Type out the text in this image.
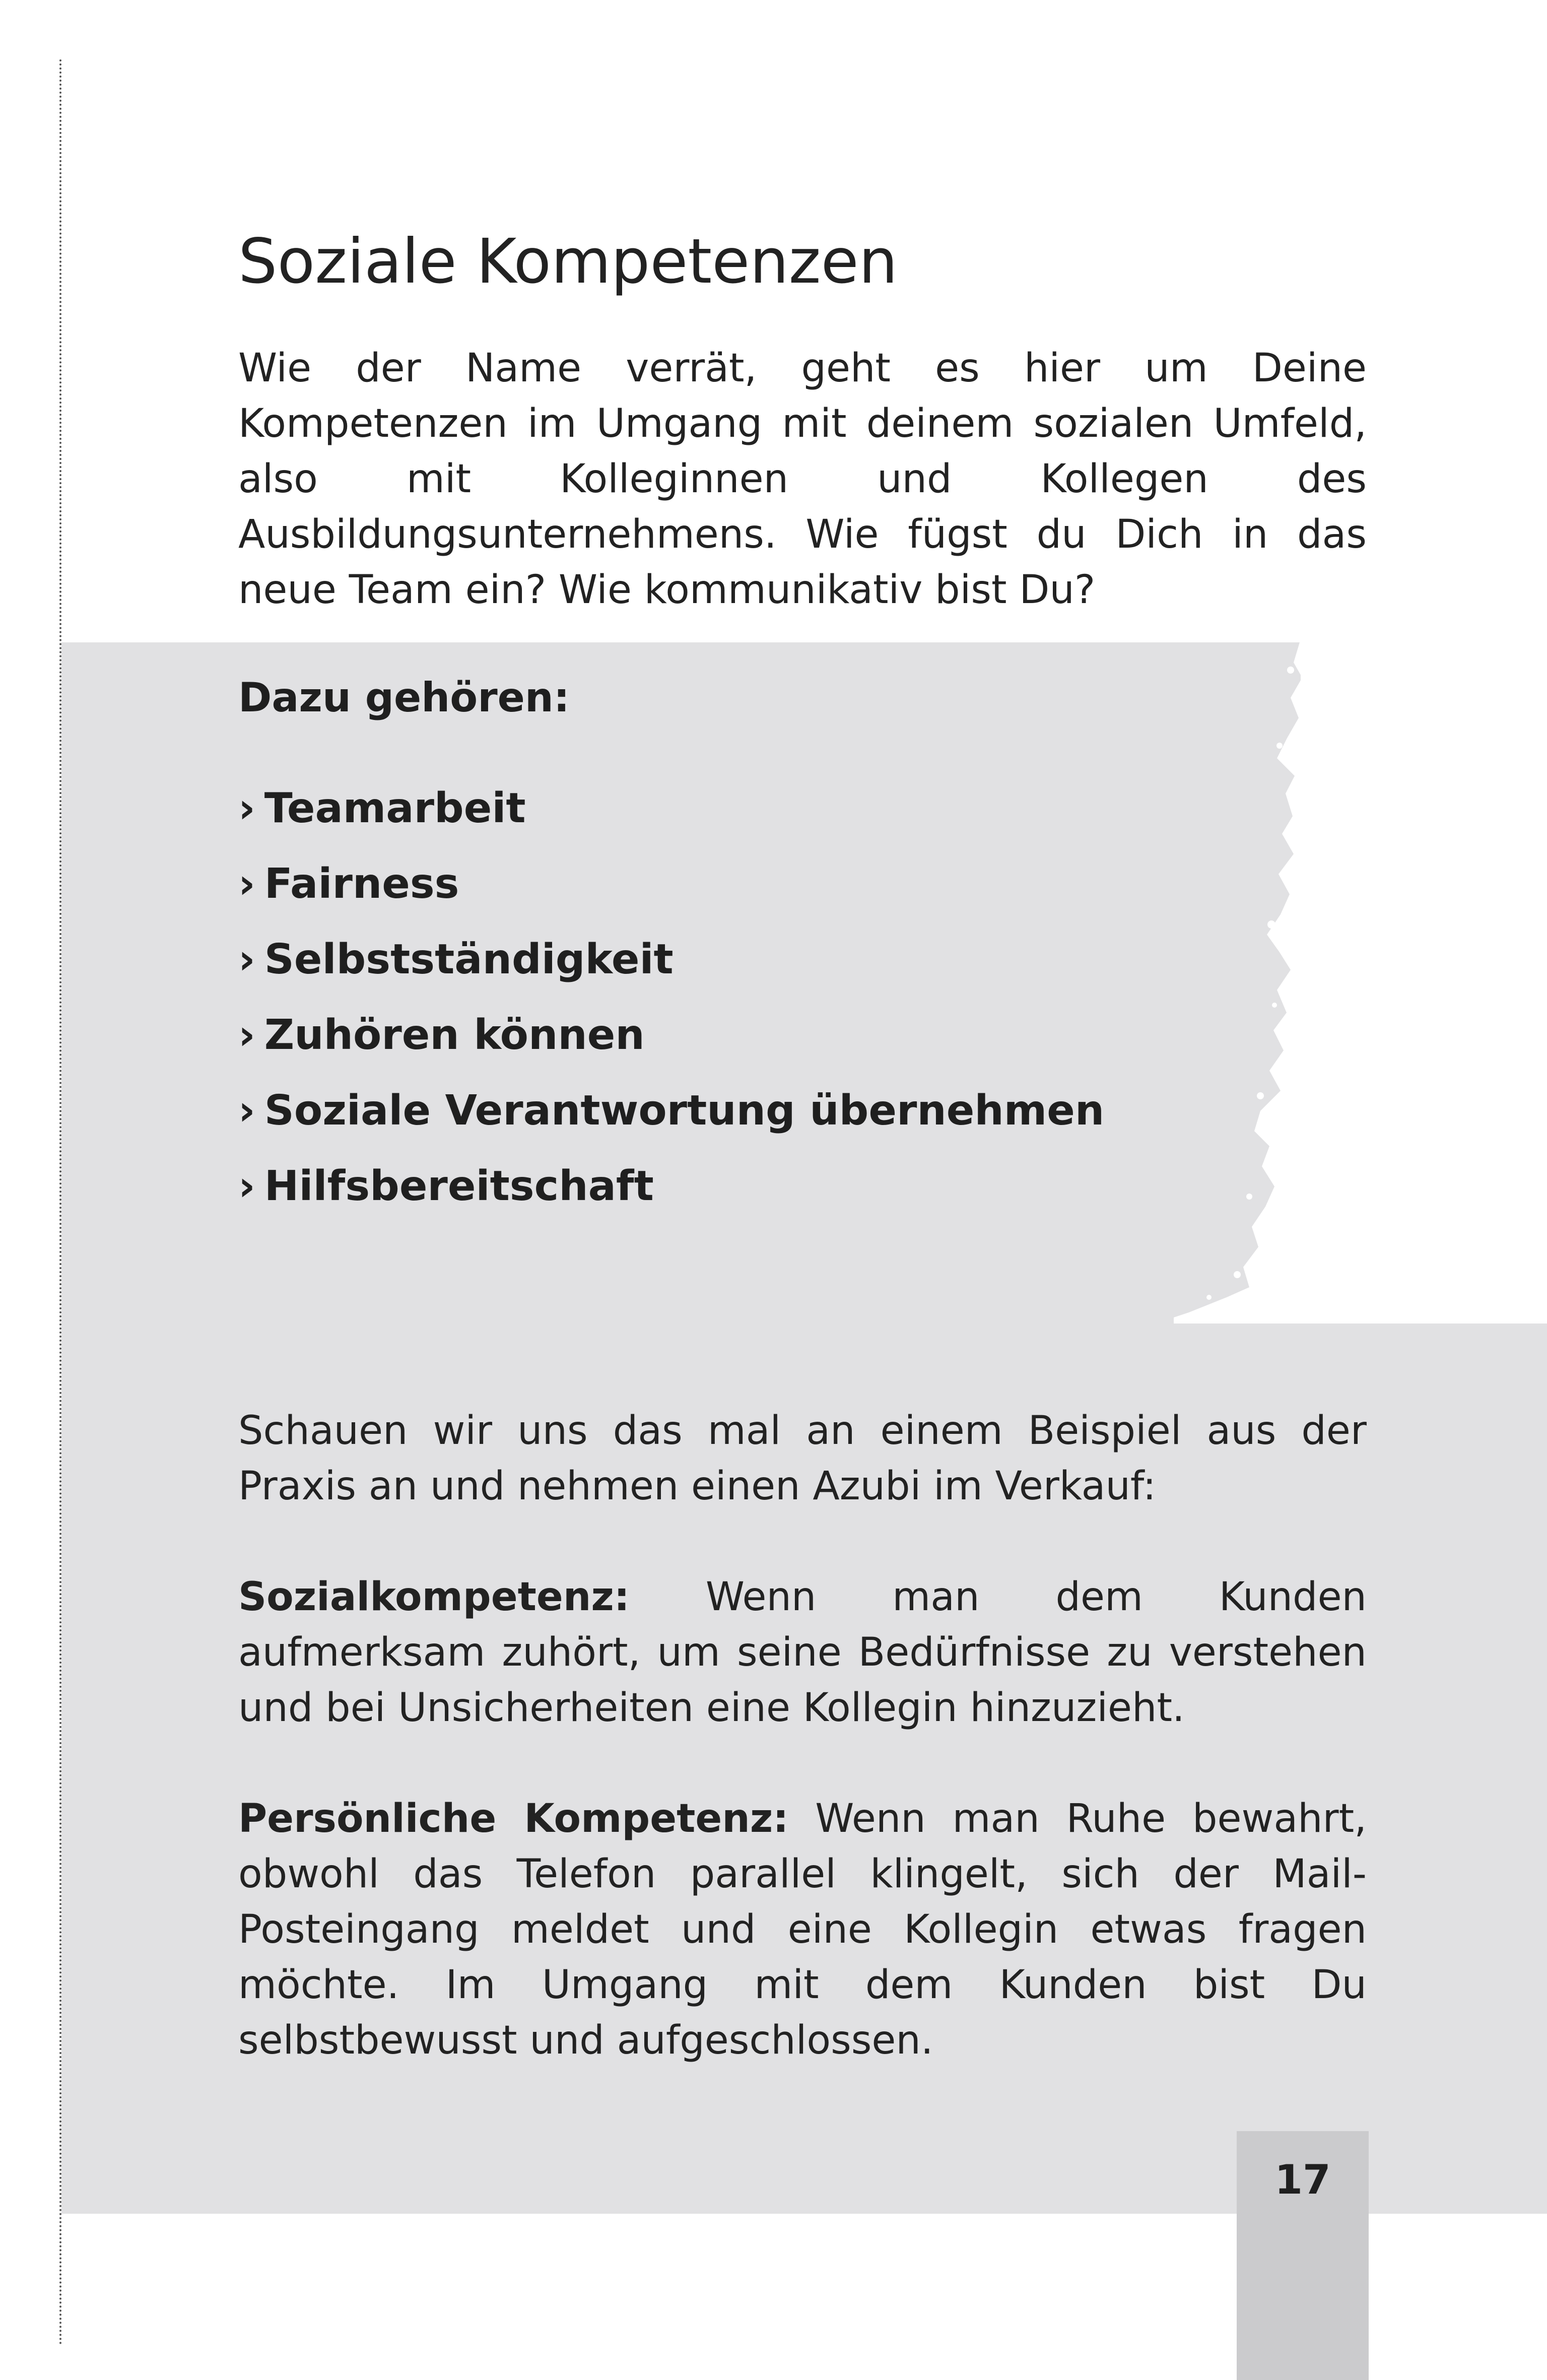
Soziale Kompetenzen

Wie der Name verrät, geht es hier um Deine Kompetenzen im Umgang mit deinem sozialen Umfeld, also mit Kolleginnen und Kollegen des Ausbildungsunternehmens. Wie fügst du Dich in das neue Team ein? Wie kommunikativ bist Du?

Dazu gehören:
› Teamarbeit
› Fairness
› Selbstständigkeit
› Zuhören können
› Soziale Verantwortung übernehmen
› Hilfsbereitschaft

Schauen wir uns das mal an einem Beispiel aus der Praxis an und nehmen einen Azubi im Verkauf:

Sozialkompetenz: Wenn man dem Kunden aufmerksam zuhört, um seine Bedürfnisse zu verstehen und bei Unsicherheiten eine Kollegin hinzuzieht.

Persönliche Kompetenz: Wenn man Ruhe bewahrt, obwohl das Telefon parallel klingelt, sich der Mail-Posteingang meldet und eine Kollegin etwas fragen möchte. Im Umgang mit dem Kunden bist Du selbstbewusst und aufgeschlossen.

17
